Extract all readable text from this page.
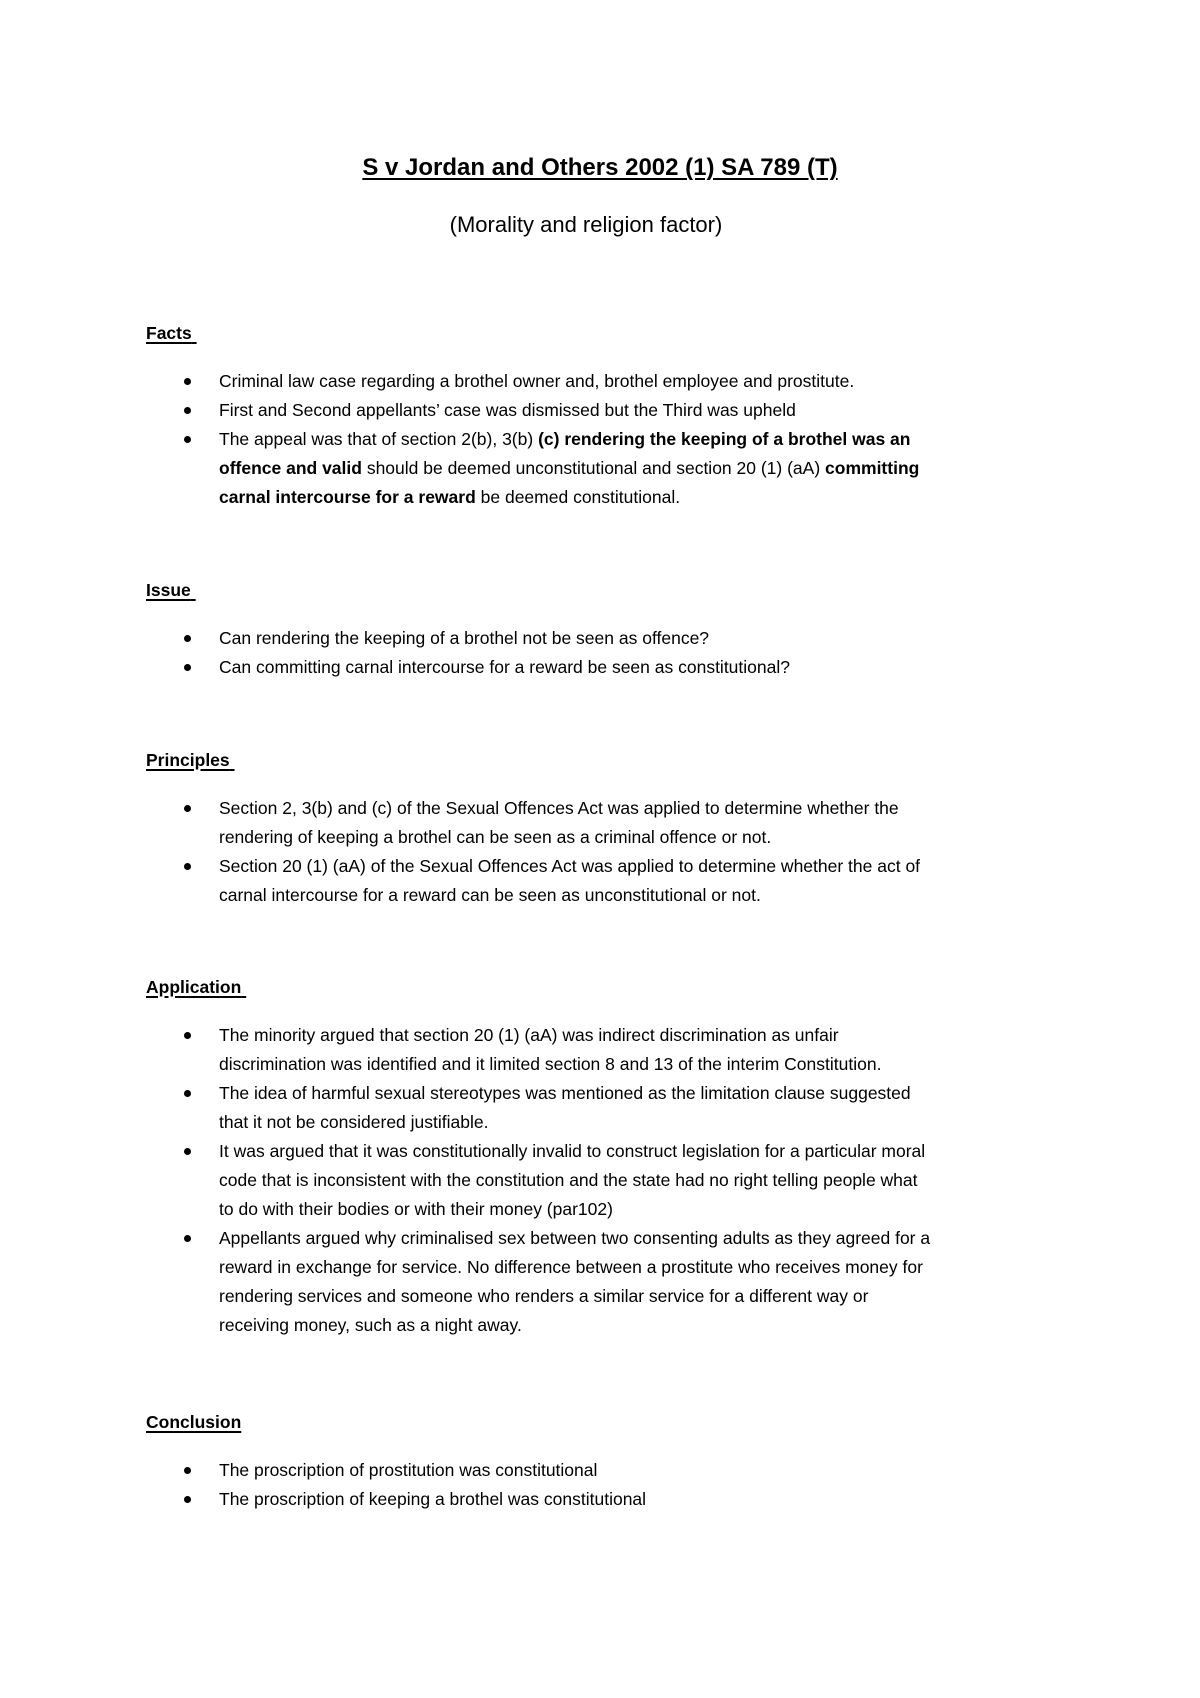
S v Jordan and Others 2002 (1) SA 789 (T)
(Morality and religion factor)
Facts
Criminal law case regarding a brothel owner and, brothel employee and prostitute.
First and Second appellants’ case was dismissed but the Third was upheld
The appeal was that of section 2(b), 3(b) (c) rendering the keeping of a brothel was an
offence and valid should be deemed unconstitutional and section 20 (1) (aA) committing
carnal intercourse for a reward be deemed constitutional.
Issue
Can rendering the keeping of a brothel not be seen as offence?
Can committing carnal intercourse for a reward be seen as constitutional?
Principles
Section 2, 3(b) and (c) of the Sexual Offences Act was applied to determine whether the
rendering of keeping a brothel can be seen as a criminal offence or not.
Section 20 (1) (aA) of the Sexual Offences Act was applied to determine whether the act of
carnal intercourse for a reward can be seen as unconstitutional or not.
Application
The minority argued that section 20 (1) (aA) was indirect discrimination as unfair
discrimination was identified and it limited section 8 and 13 of the interim Constitution.
The idea of harmful sexual stereotypes was mentioned as the limitation clause suggested
that it not be considered justifiable.
It was argued that it was constitutionally invalid to construct legislation for a particular moral
code that is inconsistent with the constitution and the state had no right telling people what
to do with their bodies or with their money (par102)
Appellants argued why criminalised sex between two consenting adults as they agreed for a
reward in exchange for service. No difference between a prostitute who receives money for
rendering services and someone who renders a similar service for a different way or
receiving money, such as a night away.
Conclusion
The proscription of prostitution was constitutional
The proscription of keeping a brothel was constitutional
